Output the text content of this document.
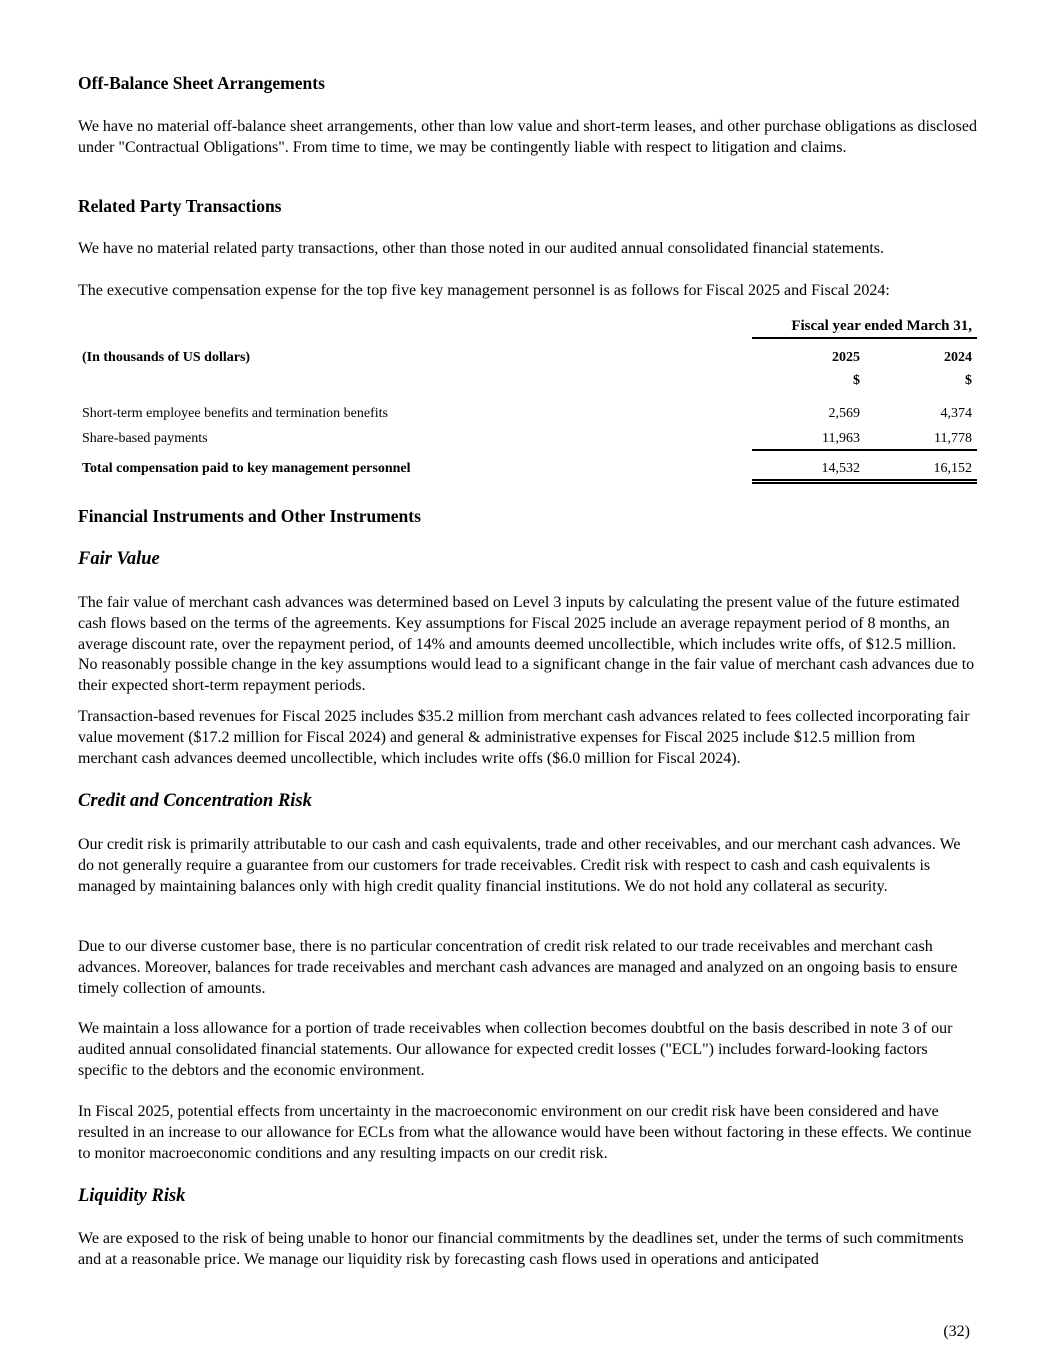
Off-Balance Sheet Arrangements
We have no material off-balance sheet arrangements, other than low value and short-term leases, and other purchase obligations as disclosed under "Contractual Obligations". From time to time, we may be contingently liable with respect to litigation and claims.
Related Party Transactions
We have no material related party transactions, other than those noted in our audited annual consolidated financial statements.
The executive compensation expense for the top five key management personnel is as follows for Fiscal 2025 and Fiscal 2024:
Fiscal year ended March 31,
(In thousands of US dollars)	2025	2024
$	$
Short-term employee benefits and termination benefits	2,569	4,374
Share-based payments	11,963	11,778
Total compensation paid to key management personnel	14,532	16,152
Financial Instruments and Other Instruments
Fair Value
The fair value of merchant cash advances was determined based on Level 3 inputs by calculating the present value of the future estimated cash flows based on the terms of the agreements. Key assumptions for Fiscal 2025 include an average repayment period of 8 months, an average discount rate, over the repayment period, of 14% and amounts deemed uncollectible, which includes write offs, of $12.5 million. No reasonably possible change in the key assumptions would lead to a significant change in the fair value of merchant cash advances due to their expected short-term repayment periods.
Transaction-based revenues for Fiscal 2025 includes $35.2 million from merchant cash advances related to fees collected incorporating fair value movement ($17.2 million for Fiscal 2024) and general & administrative expenses for Fiscal 2025 include $12.5 million from merchant cash advances deemed uncollectible, which includes write offs ($6.0 million for Fiscal 2024).
Credit and Concentration Risk
Our credit risk is primarily attributable to our cash and cash equivalents, trade and other receivables, and our merchant cash advances. We do not generally require a guarantee from our customers for trade receivables. Credit risk with respect to cash and cash equivalents is managed by maintaining balances only with high credit quality financial institutions. We do not hold any collateral as security.
Due to our diverse customer base, there is no particular concentration of credit risk related to our trade receivables and merchant cash advances. Moreover, balances for trade receivables and merchant cash advances are managed and analyzed on an ongoing basis to ensure timely collection of amounts.
We maintain a loss allowance for a portion of trade receivables when collection becomes doubtful on the basis described in note 3 of our audited annual consolidated financial statements. Our allowance for expected credit losses ("ECL") includes forward-looking factors specific to the debtors and the economic environment.
In Fiscal 2025, potential effects from uncertainty in the macroeconomic environment on our credit risk have been considered and have resulted in an increase to our allowance for ECLs from what the allowance would have been without factoring in these effects. We continue to monitor macroeconomic conditions and any resulting impacts on our credit risk.
Liquidity Risk
We are exposed to the risk of being unable to honor our financial commitments by the deadlines set, under the terms of such commitments and at a reasonable price. We manage our liquidity risk by forecasting cash flows used in operations and anticipated
(32)
